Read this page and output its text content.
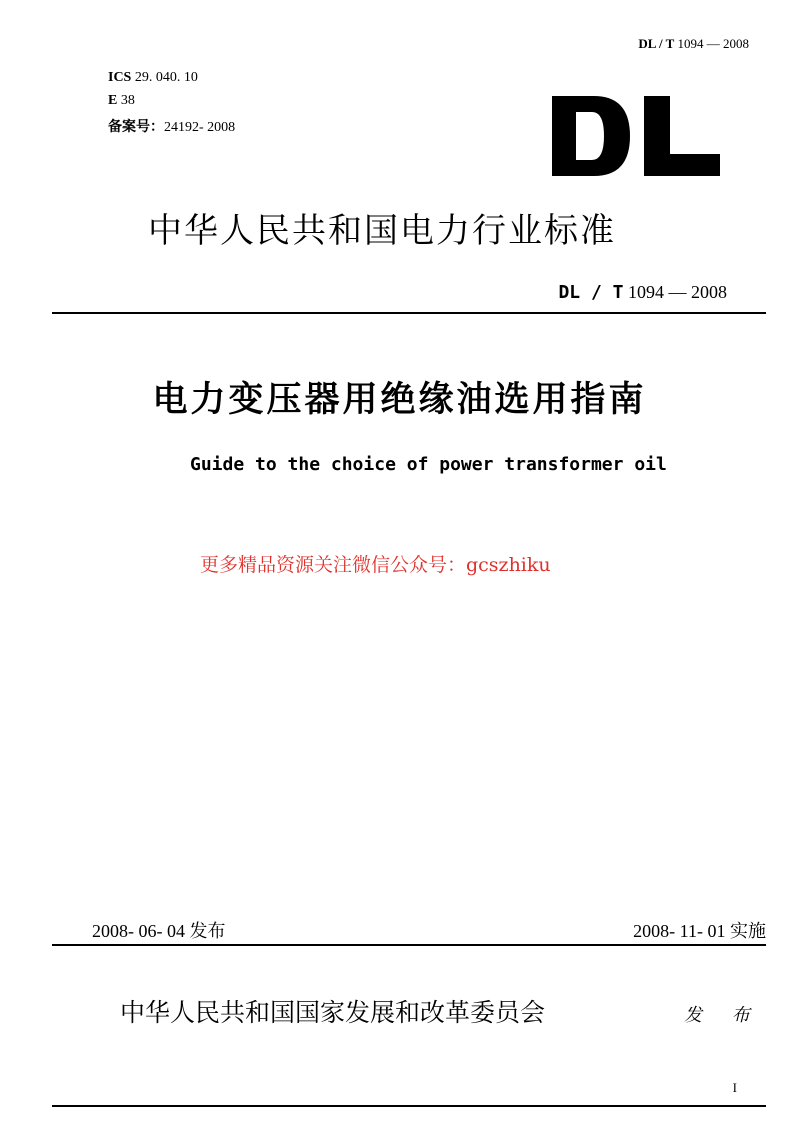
DL / T 1094 — 2008
ICS 29. 040. 10
E 38
备案号：24192- 2008
中华人民共和国电力行业标准
DL / T 1094 — 2008
电力变压器用绝缘油选用指南
Guide to the choice of power transformer oil
更多精品资源关注微信公众号：gcszhiku
2008- 06- 04 发布	2008- 11- 01 实施
中华人民共和国国家发展和改革委员会	发 布
I
